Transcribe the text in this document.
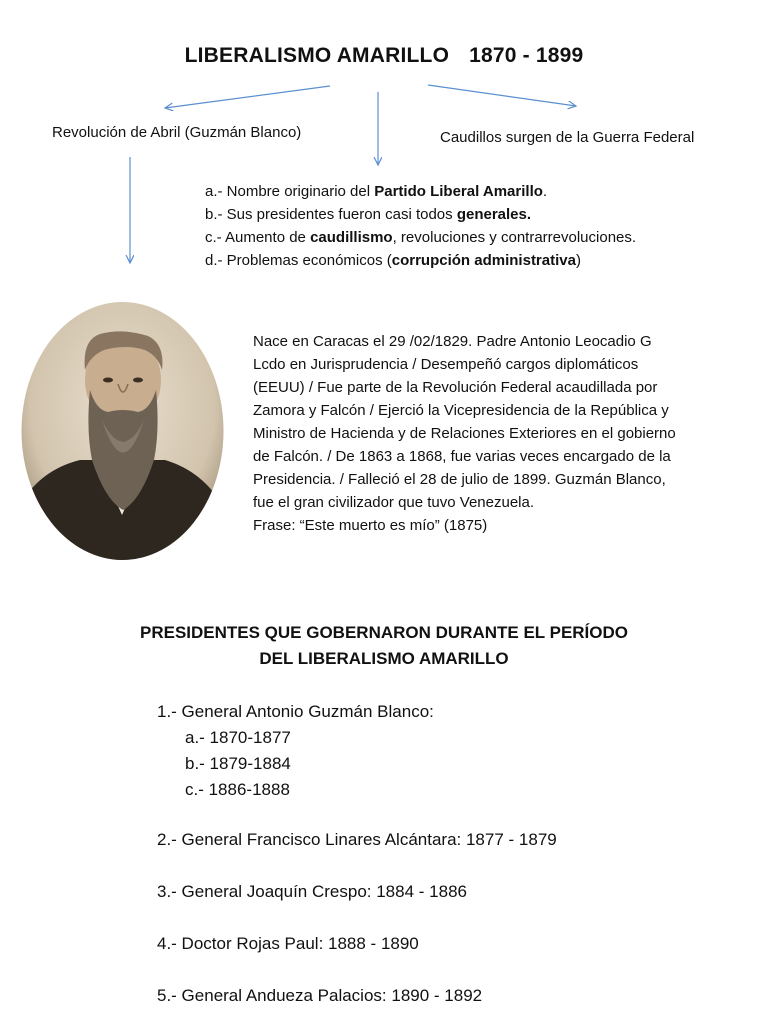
LIBERALISMO AMARILLO 1870 - 1899
Revolución de Abril (Guzmán Blanco)	Caudillos surgen de la Guerra Federal
a.- Nombre originario del Partido Liberal Amarillo.
b.- Sus presidentes fueron casi todos generales.
c.- Aumento de caudillismo, revoluciones y contrarrevoluciones.
d.- Problemas económicos (corrupción administrativa)
Nace en Caracas el 29 /02/1829. Padre Antonio Leocadio G
Lcdo en Jurisprudencia / Desempeñó cargos diplomáticos
(EEUU) / Fue parte de la Revolución Federal acaudillada por
Zamora y Falcón / Ejerció la Vicepresidencia de la República y
Ministro de Hacienda y de Relaciones Exteriores en el gobierno
de Falcón. / De 1863 a 1868, fue varias veces encargado de la
Presidencia. / Falleció el 28 de julio de 1899. Guzmán Blanco,
fue el gran civilizador que tuvo Venezuela.
Frase: “Este muerto es mío” (1875)
PRESIDENTES QUE GOBERNARON DURANTE EL PERÍODO
DEL LIBERALISMO AMARILLO
1.- General Antonio Guzmán Blanco:
a.- 1870-1877
b.- 1879-1884
c.- 1886-1888
2.- General Francisco Linares Alcántara: 1877 - 1879
3.- General Joaquín Crespo: 1884 - 1886
4.- Doctor Rojas Paul: 1888 - 1890
5.- General Andueza Palacios: 1890 - 1892
